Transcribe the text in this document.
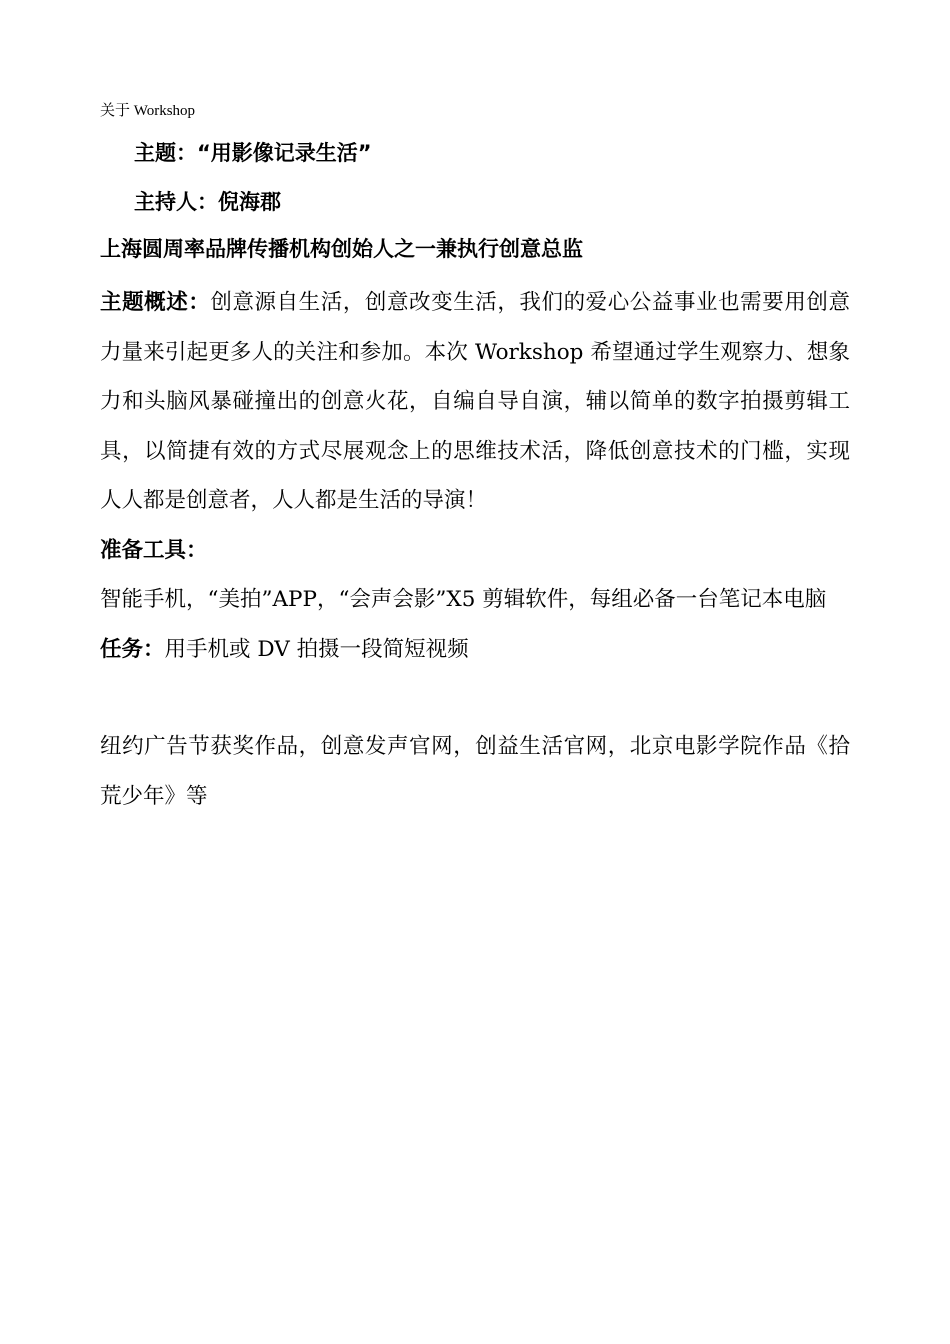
关于 Workshop
主题：“用影像记录生活”
主持人：倪海郡
上海圆周率品牌传播机构创始人之一兼执行创意总监

主题概述：创意源自生活，创意改变生活，我们的爱心公益事业也需要用创意力量来引起更多人的关注和参加。本次 Workshop 希望通过学生观察力、想象力和头脑风暴碰撞出的创意火花，自编自导自演，辅以简单的数字拍摄剪辑工具，以简捷有效的方式尽展观念上的思维技术活，降低创意技术的门槛，实现人人都是创意者，人人都是生活的导演！

准备工具：

智能手机，“美拍”APP，“会声会影”X5 剪辑软件，每组必备一台笔记本电脑

任务：用手机或 DV 拍摄一段简短视频

纽约广告节获奖作品，创意发声官网，创益生活官网，北京电影学院作品《拾荒少年》等
